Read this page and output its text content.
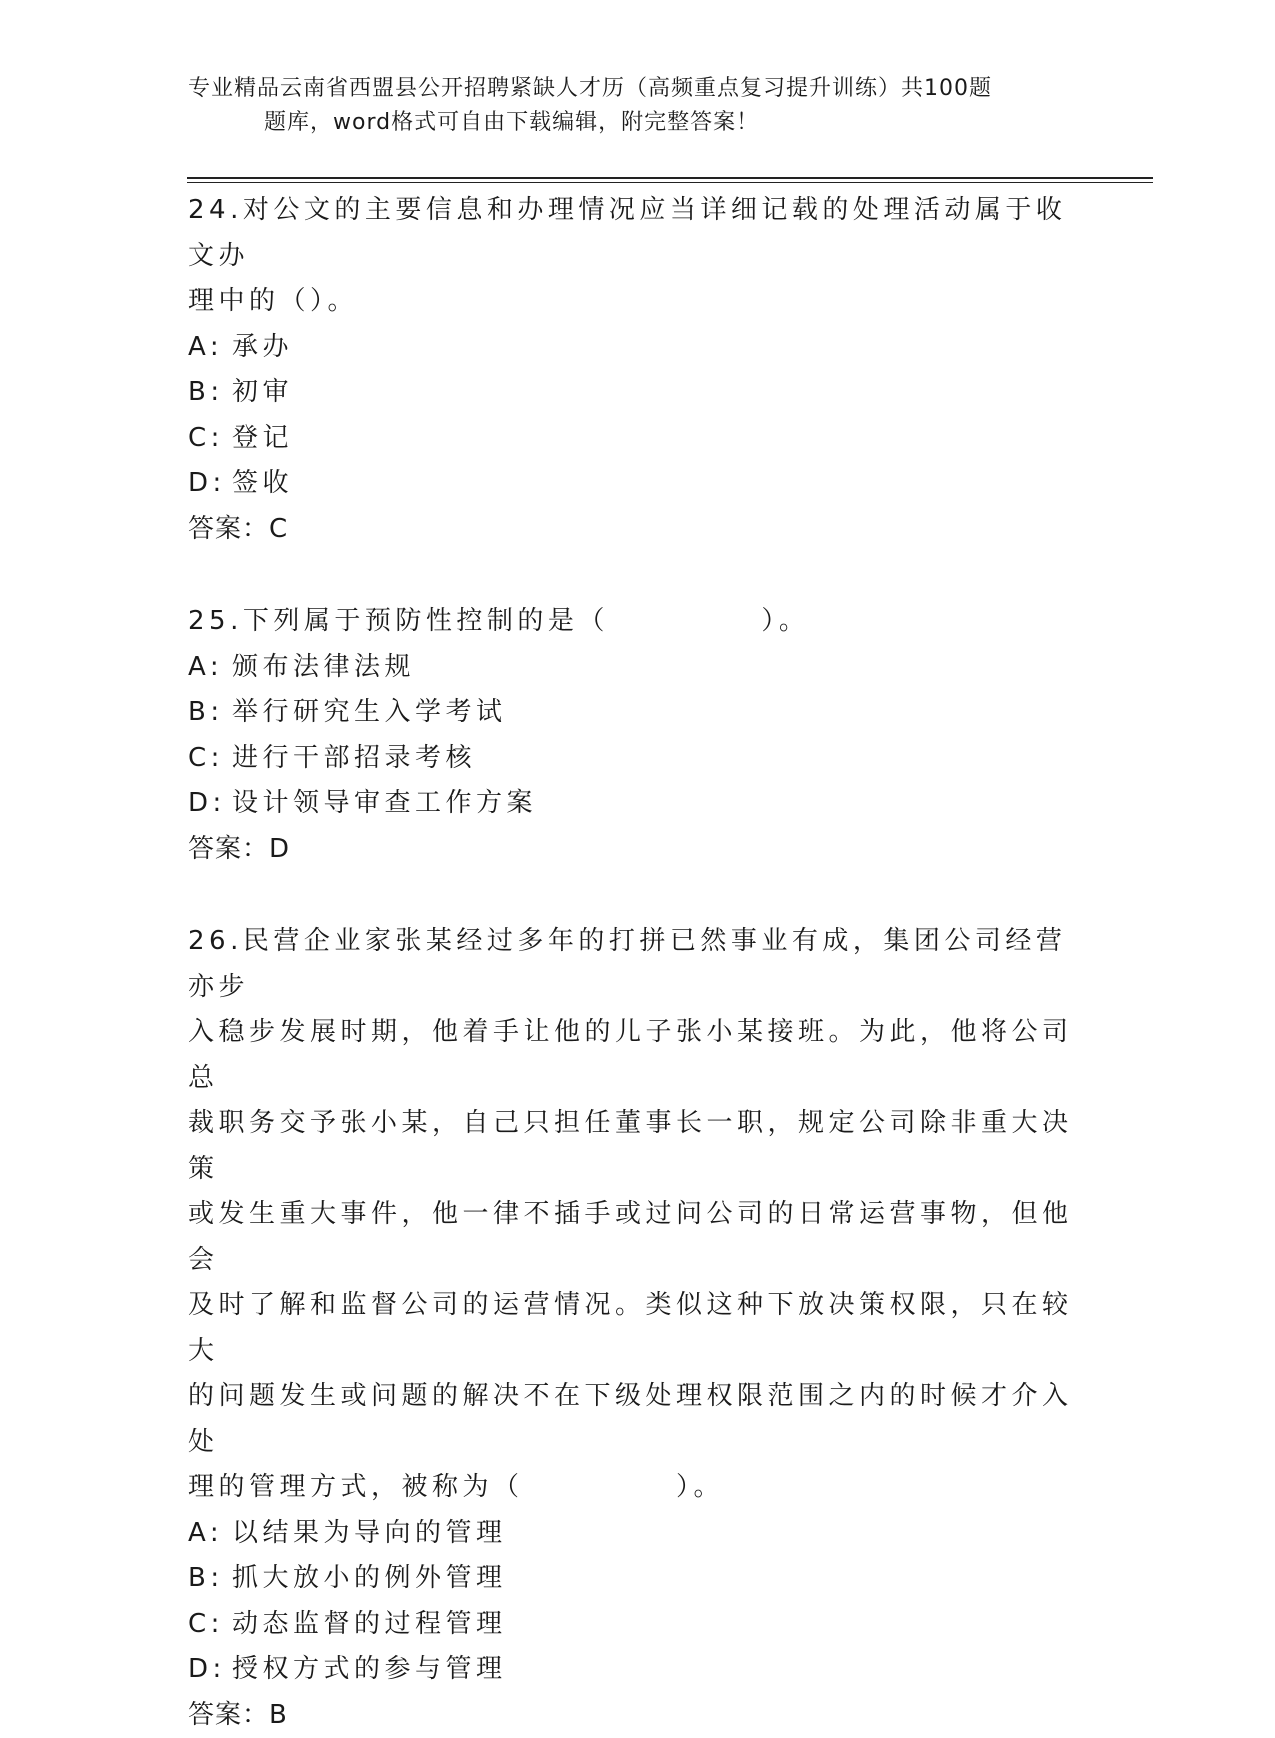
专业精品云南省西盟县公开招聘紧缺人才历（高频重点复习提升训练）共100题
题库，word格式可自由下载编辑，附完整答案！

24.对公文的主要信息和办理情况应当详细记载的处理活动属于收文办

理中的（）。

A: 承办

B: 初审

C: 登记

D: 签收

答案：C

25.下列属于预防性控制的是（　　　　　）。

A: 颁布法律法规

B: 举行研究生入学考试

C: 进行干部招录考核

D: 设计领导审查工作方案

答案：D

26.民营企业家张某经过多年的打拼已然事业有成，集团公司经营亦步

入稳步发展时期，他着手让他的儿子张小某接班。为此，他将公司总

裁职务交予张小某，自己只担任董事长一职，规定公司除非重大决策

或发生重大事件，他一律不插手或过问公司的日常运营事物，但他会

及时了解和监督公司的运营情况。类似这种下放决策权限，只在较大

的问题发生或问题的解决不在下级处理权限范围之内的时候才介入处

理的管理方式，被称为（　　　　　）。

A: 以结果为导向的管理

B: 抓大放小的例外管理

C: 动态监督的过程管理

D: 授权方式的参与管理

答案：B
